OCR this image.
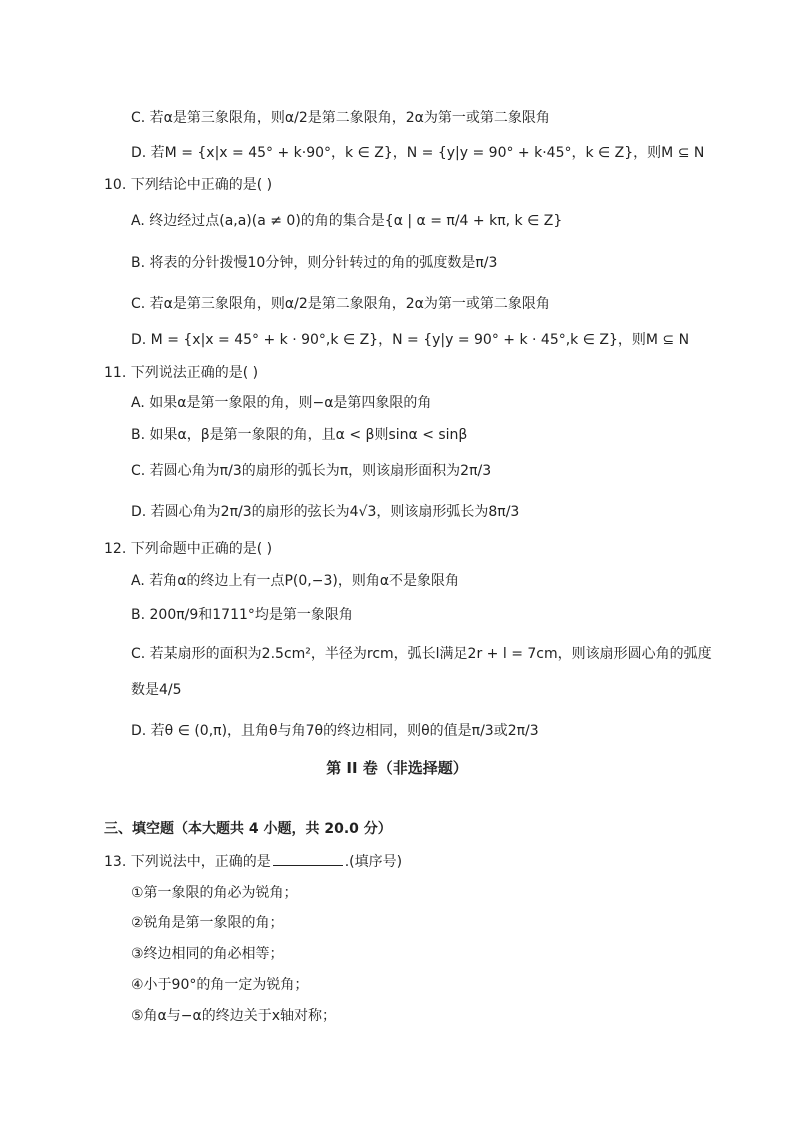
C. 若α是第三象限角，则α/2是第二象限角，2α为第一或第二象限角
D. 若M = {x|x = 45° + k·90°，k ∈ Z}，N = {y|y = 90° + k·45°，k ∈ Z}，则M ⊆ N
10. 下列结论中正确的是( )
A. 终边经过点(a,a)(a ≠ 0)的角的集合是{α | α = π/4 + kπ, k ∈ Z}
B. 将表的分针拨慢10分钟，则分针转过的角的弧度数是π/3
C. 若α是第三象限角，则α/2是第二象限角，2α为第一或第二象限角
D. M = {x|x = 45° + k · 90°,k ∈ Z}，N = {y|y = 90° + k · 45°,k ∈ Z}，则M ⊆ N
11. 下列说法正确的是( )
A. 如果α是第一象限的角，则−α是第四象限的角
B. 如果α，β是第一象限的角，且α < β则sinα < sinβ
C. 若圆心角为π/3的扇形的弧长为π，则该扇形面积为2π/3
D. 若圆心角为2π/3的扇形的弦长为4√3，则该扇形弧长为8π/3
12. 下列命题中正确的是( )
A. 若角α的终边上有一点P(0,−3)，则角α不是象限角
B. 200π/9和1711°均是第一象限角
C. 若某扇形的面积为2.5cm²，半径为rcm，弧长l满足2r + l = 7cm，则该扇形圆心角的弧度
数是4/5
D. 若θ ∈ (0,π)，且角θ与角7θ的终边相同，则θ的值是π/3或2π/3
第 II 卷（非选择题）
三、填空题（本大题共 4 小题，共 20.0 分）
13. 下列说法中，正确的是	.(填序号)
①第一象限的角必为锐角；
②锐角是第一象限的角；
③终边相同的角必相等；
④小于90°的角一定为锐角；
⑤角α与−α的终边关于x轴对称；
